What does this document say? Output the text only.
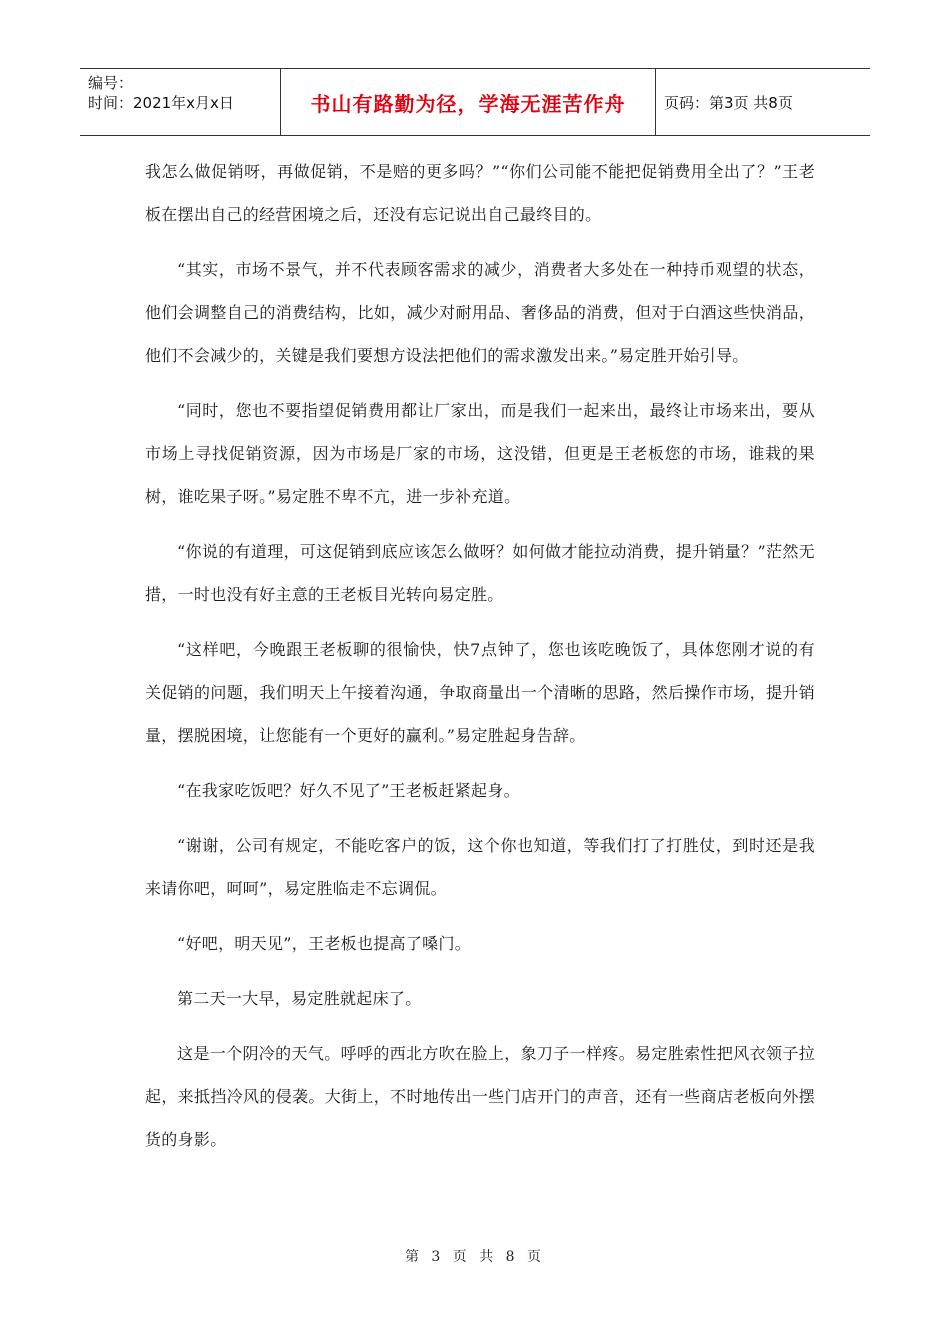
编号：
时间：2021年x月x日	书山有路勤为径，学海无涯苦作舟	页码：第3页 共8页

我怎么做促销呀，再做促销，不是赔的更多吗？”“你们公司能不能把促销费用全出了？”王老板在摆出自己的经营困境之后，还没有忘记说出自己最终目的。

“其实，市场不景气，并不代表顾客需求的减少，消费者大多处在一种持币观望的状态，他们会调整自己的消费结构，比如，减少对耐用品、奢侈品的消费，但对于白酒这些快消品，他们不会减少的，关键是我们要想方设法把他们的需求激发出来。”易定胜开始引导。

“同时，您也不要指望促销费用都让厂家出，而是我们一起来出，最终让市场来出，要从市场上寻找促销资源，因为市场是厂家的市场，这没错，但更是王老板您的市场，谁栽的果树，谁吃果子呀。”易定胜不卑不亢，进一步补充道。

“你说的有道理，可这促销到底应该怎么做呀？如何做才能拉动消费，提升销量？”茫然无措，一时也没有好主意的王老板目光转向易定胜。

“这样吧，今晚跟王老板聊的很愉快，快7点钟了，您也该吃晚饭了，具体您刚才说的有关促销的问题，我们明天上午接着沟通，争取商量出一个清晰的思路，然后操作市场，提升销量，摆脱困境，让您能有一个更好的赢利。”易定胜起身告辞。

“在我家吃饭吧？好久不见了”王老板赶紧起身。

“谢谢，公司有规定，不能吃客户的饭，这个你也知道，等我们打了打胜仗，到时还是我来请你吧，呵呵”，易定胜临走不忘调侃。

“好吧，明天见”，王老板也提高了嗓门。

第二天一大早，易定胜就起床了。

这是一个阴冷的天气。呼呼的西北方吹在脸上，象刀子一样疼。易定胜索性把风衣领子拉起，来抵挡冷风的侵袭。大街上，不时地传出一些门店开门的声音，还有一些商店老板向外摆货的身影。

第 3 页 共 8 页
